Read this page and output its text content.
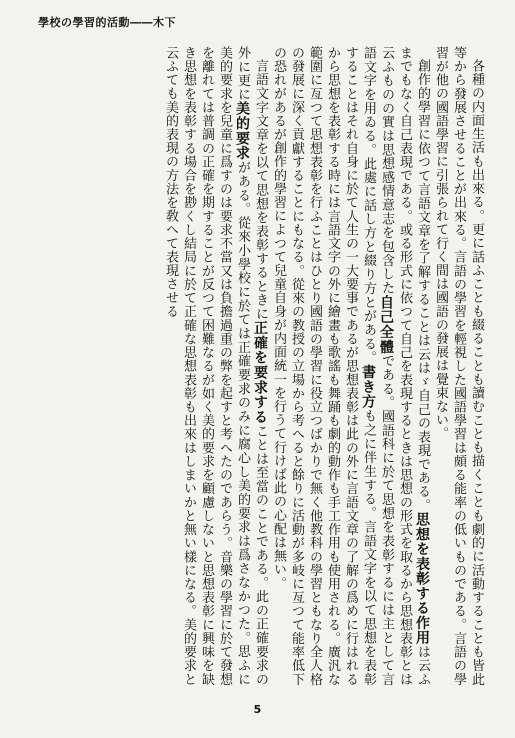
學校の學習的活動――木下

各種の内面生活も出來る。更に話ふことも綴ることも讀むことも描くことも劇的に活動することも皆此等から發展させることが出來る。言語の學習を輕視した國語學習は頗る能率の低いものである。言語の學習が他の國語學習に引張られて行く間は國語の發展は覺束ない。

創作的學習に依つて言語文章を了解することは云はゞ自己の表現である。思想を表彰する作用は云ふまでもなく自己表現である。或る形式に依つて自己を表現するときは思想の形式を取るから思想表彰とは云ふものの實は思想感情意志を包含した自己全體である。國語科に於て思想を表彰するには主として言語文字を用ゐる。此處に話し方と綴り方とがある。書き方も之に伴生する。言語文字を以て思想を表彰することはそれ自身に於て人生の一大要事であるが思想表彰は此の外に言語文章の了解の爲めに行はれるから思想を表彰する時には言語文字の外に繪畫も歌謠も舞踊も劇的動作も手工作用も使用される。廣汎な範圍に亙つて思想表彰を行ふことはひとり國語の學習に役立つばかりで無く他教科の學習ともなり全人格の發展に深く貢獻することにもなる。從來の教授の立場から考へると餘りに活動が多岐に亙つて能率低下の恐れがあるが創作的學習によつて兒童自身が内面統一を行うて行けば此の心配は無い。

言語文字文章を以て思想を表彰するときに正確を要求することは至當のことである。此の正確要求の外に更に美的要求がある。從來小學校に於ては正確要求のみに腐心し美的要求は爲さなかつた。思ふに美的要求を兒童に爲すのは要求不當又は負擔過重の弊を起すと考へたのであらう。音樂の學習に於て發想を離れては普調の正確を期することが反つて困難なるが如く美的要求を顧慮しないと思想表彰に興味を缺き思想を表彰する場合を尠くし結局に於て正確な思想表彰も出來はしまいかと無い樣になる。美的要求と云ふても美的表現の方法を敎へて表現させる

5
